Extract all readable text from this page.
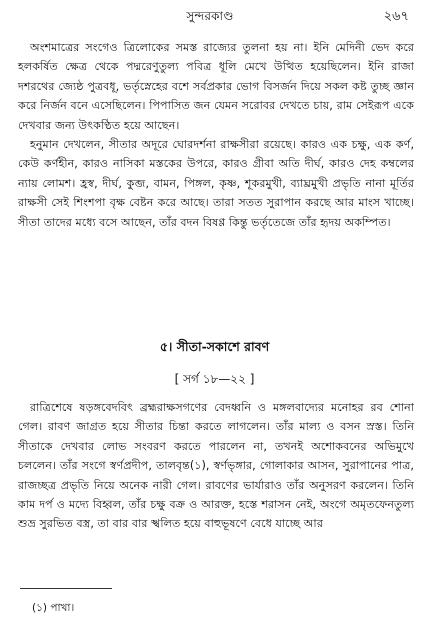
সুন্দরকাণ্ড	২৬৭

অংশমাত্রের সংগেও ত্রিলোকের সমস্ত রাজ্যের তুলনা হয় না। ইনি মেদিনী ভেদ করে হলকর্ষিত ক্ষেত্র থেকে পদ্মরেণুতুল্য পবিত্র ধূলি মেখে উত্থিত হয়েছিলেন। ইনি রাজা দশরথের জ্যেষ্ঠ পুত্রবধূ, ভর্তৃস্নেহের বশে সর্বপ্রকার ভোগ বিসর্জন দিয়ে সকল কষ্ট তুচ্ছ জ্ঞান করে নির্জন বনে এসেছিলেন। পিপাসিত জন যেমন সরোবর দেখতে চায়, রাম সেইরূপ একে দেখবার জন্য উৎকণ্ঠিত হয়ে আছেন।

হনুমান দেখলেন, সীতার অদূরে ঘোরদর্শনা রাক্ষসীরা রয়েছে। কারও এক চক্ষু, এক কর্ণ, কেউ কর্ণহীন, কারও নাসিকা মস্তকের উপরে, কারও গ্রীবা অতি দীর্ঘ, কারও দেহ কম্বলের ন্যায় লোমশ। হ্রস্ব, দীর্ঘ, কুব্জ, বামন, পিঙ্গল, কৃষ্ণ, শূকরমুখী, ব্যাঘ্রমুখী প্রভৃতি নানা মূর্তির রাক্ষসী সেই শিংশপা বৃক্ষ বেষ্টন করে আছে। তারা সতত সুরাপান করছে আর মাংস খাচ্ছে। সীতা তাদের মধ্যে বসে আছেন, তাঁর বদন বিষণ্ণ কিন্তু ভর্তৃতেজে তাঁর হৃদয় অকম্পিত।

৫। সীতা-সকাশে রাবণ
[ সর্গ ১৮—২২ ]

রাত্রিশেষে ষড়ঙ্গবেদবিৎ ব্রহ্মরাক্ষসগণের বেদধ্বনি ও মঙ্গলবাদ্যের মনোহর রব শোনা গেল। রাবণ জাগ্রত হয়ে সীতার চিন্তা করতে লাগলেন। তাঁর মাল্য ও বসন স্রস্ত। তিনি সীতাকে দেখবার লোভ সংবরণ করতে পারলেন না, তখনই অশোকবনের অভিমুখে চললেন। তাঁর সংগে স্বর্ণপ্রদীপ, তালবৃন্ত(১), স্বর্ণভৃঙ্গার, গোলাকার আসন, সুরাপানের পাত্র, রাজচ্ছত্র প্রভৃতি নিয়ে অনেক নারী গেল। রাবণের ভার্যারাও তাঁর অনুসরণ করলেন। তিনি কাম দর্প ও মদ্যে বিহ্বল, তাঁর চক্ষু বক্র ও আরক্ত, হস্তে শরাসন নেই, অংগে অমৃতফেনতুল্য শুভ্র সুরভিত বস্ত্র, তা বার বার স্খলিত হয়ে বাহুভূষণে বেধে যাচ্ছে আর

(১) পাখা।
